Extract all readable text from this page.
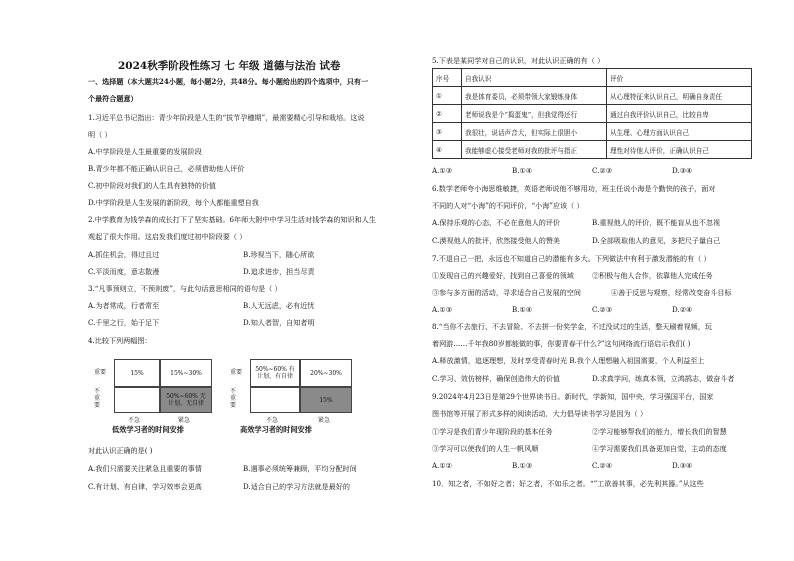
2024秋季阶段性练习 七 年级 道德与法治 试卷
一、选择题（本大题共24小题，每小题2分，共48分。每小题给出的四个选项中，只有一
个最符合题意）
1.习近平总书记指出：青少年阶段是人生的“拔节孕穗期”，最需要精心引导和栽培。这说
明（ ）
A.中学阶段是人生最重要的发展阶段
B.青少年都不能正确认识自己，必须借助他人评价
C.初中阶段对我们的人生具有独特的价值
D.中学阶段是人生发展的新阶段，每个人都能重塑自我
2.中学教育为钱学森的成长打下了坚实基础。6年师大附中中学习生活对钱学森的知识和人生
观起了很大作用。这启发我们度过初中阶段要（ ）
A.抓住机会，得过且过	B.珍视当下，随心所欲
C.平淡而度，意志散漫	D.追求进步，担当尽责
3.“凡事预则立，不预则废”，与此句话意思相同的语句是（ ）
A.为者常成，行者常至	B.人无远虑，必有近忧
C.千里之行，始于足下	D.知人者智，自知者明
4.比较下列两幅图：
重要
不重要
15%	15%~30%
50%~60% 无计划、无自律
不急	紧急
低效学习者的时间安排
重要
不重要
50%~60% 有计划、有自律	20%~30%
15%
不急	紧急
高效学习者的时间安排
对此认识正确的是( )
A.我们只需要关注紧急且重要的事情	B.遇事必须统筹兼顾，平均分配时间
C.有计划、有自律，学习效率会更高	D.适合自己的学习方法就是最好的
5.下表是某同学对自己的认识，对此认识正确的有（ ）
序号	自我认识	评价
①	我是体育委员，必须带领大家锻炼身体	从心理特征来认识自己，明确自身责任
②	老师说我是个“捣蛋鬼”，但我觉得还行	通过自我评价认识自己，比较自卑
③	我很壮，说话声音大，但实际上很胆小	从生理、心理方面认识自己
④	我能够虚心接受老师对我的批评与指正	理性对待他人评价，正确认识自己
A.①③	B.①④	C.②③	D.③④
6.数学老师夸小海思维敏捷，英语老师说他不够用功，班主任说小海是个勤快的孩子，面对
不同的人对“小海”的不同评价，“小海”应该（ ）
A.保持乐观的心态，不必在意他人的评价	B.重视他人的评价，既不能盲从也不忽视
C.漠视他人的批评，欣然接受他人的赞美	D.全部吸取他人的意见，多把尺子量自己
7.不退自己一把，永远也不知道自己的潜能有多大。下列做法中有利于激发潜能的有（ ）
①发现自己的兴趣爱好，找到自己喜爱的领域	②积极与他人合作，依靠他人完成任务
③参与多方面的活动，寻求适合自己发展的空间	④善于反思与观察，经常改变奋斗目标
A.①③	B.①④	C.②③	D.②④
8.“当你不去旅行、不去冒险、不去拼一份奖学金，不过没试过的生活，整天刷着视频，玩
着网游……千年我80岁都能做的事，你要青春干什么?”这句网络流行语启示我们( )
A.释放激情，追逐理想，及时享受青春时光 B.我个人理想融入祖国需要，个人利益至上
C.学习、效仿榜样，确保创造伟大的价值	D.求真学问，练真本领，立鸿鹄志，做奋斗者
9.2024年4月23日是第29个世界读书日。新时代，学新知，国中央，学习强国平台，国家
图书馆等开展了形式多样的阅读活动，大力倡导读书学习是因为（ ）
①学习是我们青少年现阶段的基本任务	②学习能够帮我们的能力，增长我们的智慧
③学习可以使我们的人生一帆风顺	④学习需要我们具备更加自觉，主动的态度
A.①②	B.①③	C.②④	D.③④
10．知之者，不如好之者；好之者，不如乐之者。“”工欲善其事，必先利其器。”从这些
